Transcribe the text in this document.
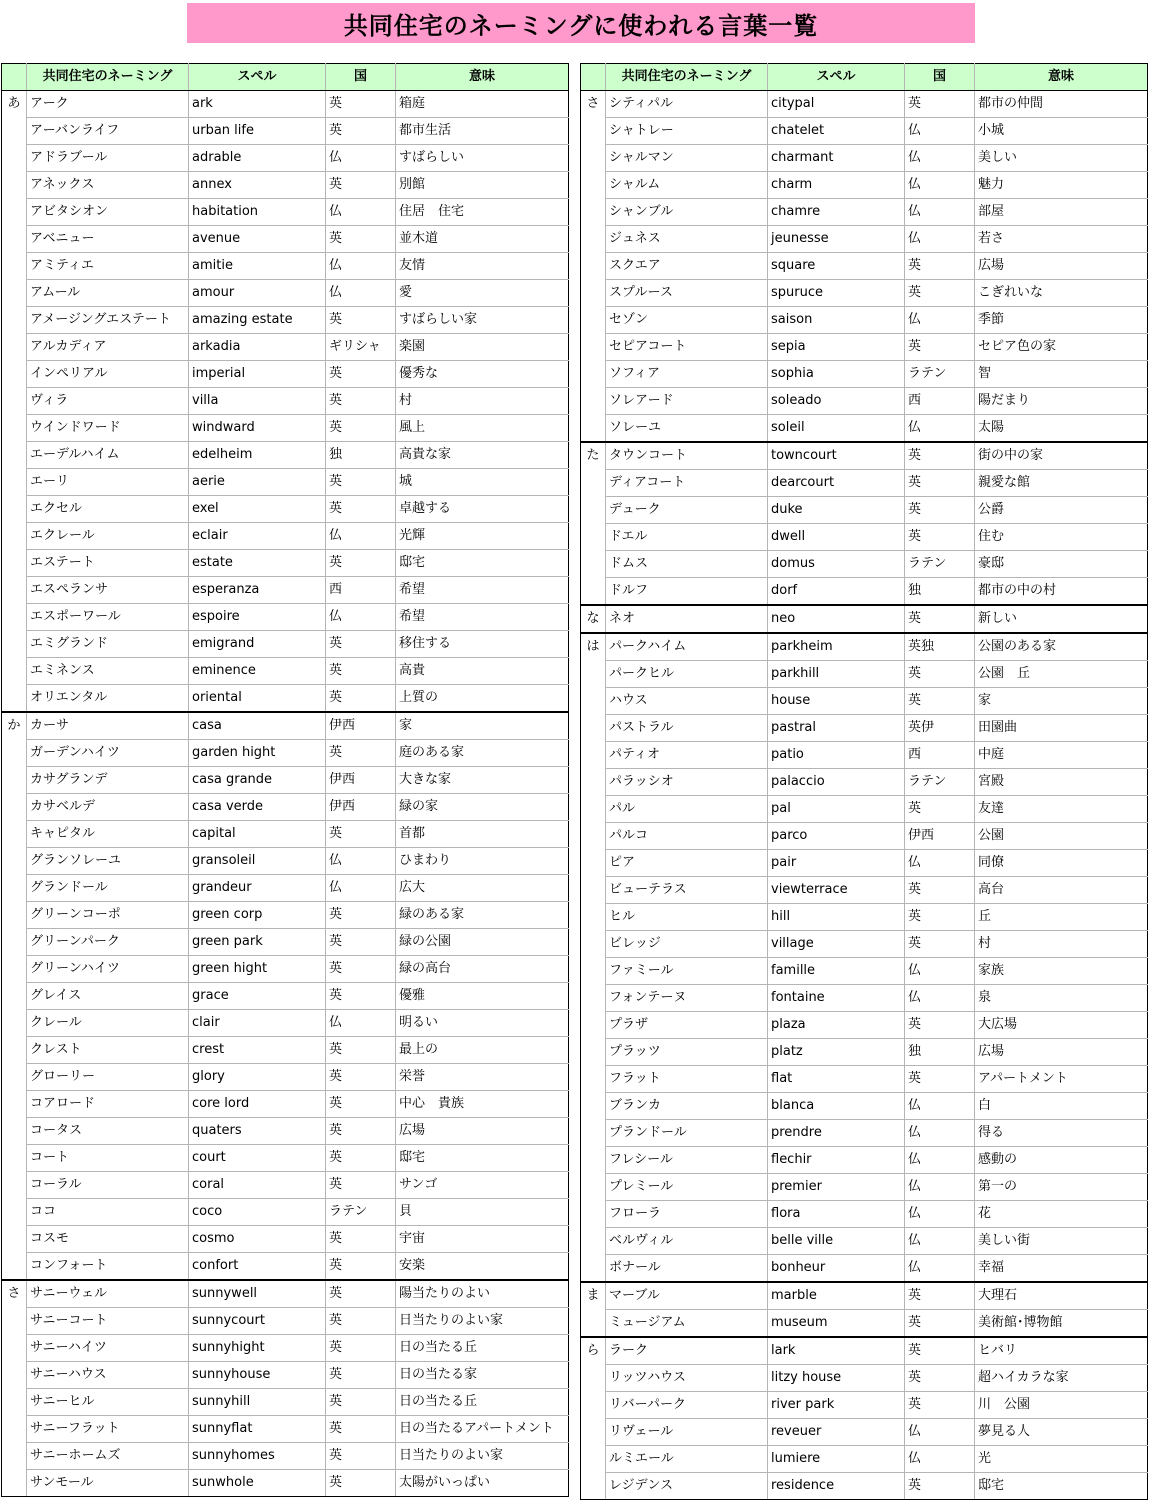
共同住宅のネーミングに使われる言葉一覧
	共同住宅のネーミング	スペル	国	意味
あ	アーク	ark	英	箱庭
	アーバンライフ	urban life	英	都市生活
	アドラブール	adrable	仏	すばらしい
	アネックス	annex	英	別館
	アビタシオン	habitation	仏	住居　住宅
	アベニュー	avenue	英	並木道
	アミティエ	amitie	仏	友情
	アムール	amour	仏	愛
	アメージングエステート	amazing estate	英	すばらしい家
	アルカディア	arkadia	ギリシャ	楽園
	インペリアル	imperial	英	優秀な
	ヴィラ	villa	英	村
	ウインドワード	windward	英	風上
	エーデルハイム	edelheim	独	高貴な家
	エーリ	aerie	英	城
	エクセル	exel	英	卓越する
	エクレール	eclair	仏	光輝
	エステート	estate	英	邸宅
	エスペランサ	esperanza	西	希望
	エスポーワール	espoire	仏	希望
	エミグランド	emigrand	英	移住する
	エミネンス	eminence	英	高貴
	オリエンタル	oriental	英	上質の
か	カーサ	casa	伊西	家
	ガーデンハイツ	garden hight	英	庭のある家
	カサグランデ	casa grande	伊西	大きな家
	カサベルデ	casa verde	伊西	緑の家
	キャピタル	capital	英	首都
	グランソレーユ	gransoleil	仏	ひまわり
	グランドール	grandeur	仏	広大
	グリーンコーポ	green corp	英	緑のある家
	グリーンパーク	green park	英	緑の公園
	グリーンハイツ	green hight	英	緑の高台
	グレイス	grace	英	優雅
	クレール	clair	仏	明るい
	クレスト	crest	英	最上の
	グローリー	glory	英	栄誉
	コアロード	core lord	英	中心　貴族
	コータス	quaters	英	広場
	コート	court	英	邸宅
	コーラル	coral	英	サンゴ
	ココ	coco	ラテン	貝
	コスモ	cosmo	英	宇宙
	コンフォート	confort	英	安楽
さ	サニーウェル	sunnywell	英	陽当たりのよい
	サニーコート	sunnycourt	英	日当たりのよい家
	サニーハイツ	sunnyhight	英	日の当たる丘
	サニーハウス	sunnyhouse	英	日の当たる家
	サニーヒル	sunnyhill	英	日の当たる丘
	サニーフラット	sunnyflat	英	日の当たるアパートメント
	サニーホームズ	sunnyhomes	英	日当たりのよい家
	サンモール	sunwhole	英	太陽がいっぱい
	共同住宅のネーミング	スペル	国	意味
さ	シティパル	citypal	英	都市の仲間
	シャトレー	chatelet	仏	小城
	シャルマン	charmant	仏	美しい
	シャルム	charm	仏	魅力
	シャンブル	chamre	仏	部屋
	ジュネス	jeunesse	仏	若さ
	スクエア	square	英	広場
	スプルース	spuruce	英	こぎれいな
	セゾン	saison	仏	季節
	セピアコート	sepia	英	セピア色の家
	ソフィア	sophia	ラテン	智
	ソレアード	soleado	西	陽だまり
	ソレーユ	soleil	仏	太陽
た	タウンコート	towncourt	英	街の中の家
	ディアコート	dearcourt	英	親愛な館
	デューク	duke	英	公爵
	ドエル	dwell	英	住む
	ドムス	domus	ラテン	豪邸
	ドルフ	dorf	独	都市の中の村
な	ネオ	neo	英	新しい
は	パークハイム	parkheim	英独	公園のある家
	パークヒル	parkhill	英	公園　丘
	ハウス	house	英	家
	パストラル	pastral	英伊	田園曲
	パティオ	patio	西	中庭
	パラッシオ	palaccio	ラテン	宮殿
	パル	pal	英	友達
	パルコ	parco	伊西	公園
	ピア	pair	仏	同僚
	ビューテラス	viewterrace	英	高台
	ヒル	hill	英	丘
	ビレッジ	village	英	村
	ファミール	famille	仏	家族
	フォンテーヌ	fontaine	仏	泉
	プラザ	plaza	英	大広場
	プラッツ	platz	独	広場
	フラット	flat	英	アパートメント
	ブランカ	blanca	仏	白
	プランドール	prendre	仏	得る
	フレシール	flechir	仏	感動の
	プレミール	premier	仏	第一の
	フローラ	flora	仏	花
	ベルヴィル	belle ville	仏	美しい街
	ボナール	bonheur	仏	幸福
ま	マーブル	marble	英	大理石
	ミュージアム	museum	英	美術館･博物館
ら	ラーク	lark	英	ヒバリ
	リッツハウス	litzy house	英	超ハイカラな家
	リバーパーク	river park	英	川　公園
	リヴェール	reveuer	仏	夢見る人
	ルミエール	lumiere	仏	光
	レジデンス	residence	英	邸宅
